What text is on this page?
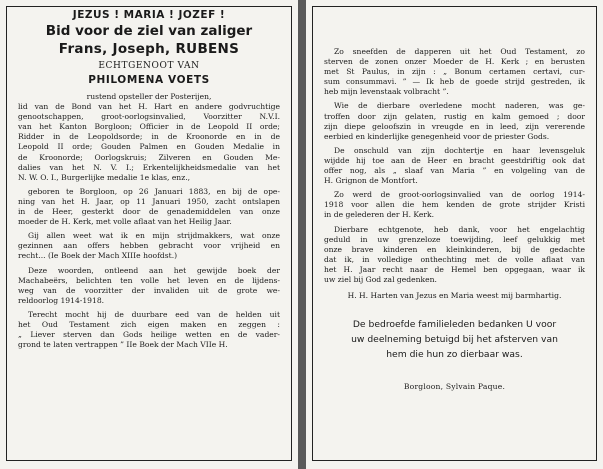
JEZUS ! MARIA ! JOZEF !
Bid voor de ziel van zaliger
Frans, Joseph, RUBENS
ECHTGENOOT VAN
PHILOMENA VOETS
rustend opsteller der Posterijen,
lid van de Bond van het H. Hart en andere godvruchtige
genootschappen, groot-oorlogsinvalied, Voorzitter N.V.I.
van het Kanton Borgloon; Officier in de Leopold II orde;
Ridder in de Leopoldsorde; in de Kroonorde en in de
Leopold II orde; Gouden Palmen en Gouden Medalie in
de Kroonorde; Oorlogskruis; Zilveren en Gouden Me-
dalies van het N. V. I.; Erkentelijkheidsmedalie van het
N. W. O. I., Burgerlijke medalie 1e klas, enz.,
geboren te Borgloon, op 26 Januari 1883, en bij de ope-
ning van het H. Jaar, op 11 Januari 1950, zacht ontslapen
in de Heer, gesterkt door de genademiddelen van onze
moeder de H. Kerk, met volle aflaat van het Heilig Jaar.
Gij allen weet wat ik en mijn strijdmakkers, wat onze
gezinnen aan offers hebben gebracht voor vrijheid en
recht... (Ie Boek der Mach XIIIe hoofdst.)
Deze woorden, ontleend aan het gewijde boek der
Machabeërs, belichten ten volle het leven en de lijdens-
weg van de voorzitter der invaliden uit de grote we-
reldoorlog 1914-1918.
Terecht mocht hij de duurbare eed van de helden uit
het Oud Testament zich eigen maken en zeggen :
„ Liever sterven dan Gods heilige wetten en de vader-
grond te laten vertrappen ” IIe Boek der Mach VIIe H.
Zo sneefden de dapperen uit het Oud Testament, zo
sterven de zonen onzer Moeder de H. Kerk ; en berusten
met St Paulus, in zijn : „ Bonum certamen certavi, cur-
sum consummavi. ” — Ik heb de goede strijd gestreden, ik
heb mijn levenstaak volbracht ”.
Wie de dierbare overledene mocht naderen, was ge-
troffen door zijn gelaten, rustig en kalm gemoed ; door
zijn diepe geloofszin in vreugde en in leed, zijn vererende
eerbied en kinderlijke genegenheid voor de priester Gods.
De onschuld van zijn dochtertje en haar levensgeluk
wijdde hij toe aan de Heer en bracht geestdriftig ook dat
offer nog, als „ slaaf van Maria ” en volgeling van de
H. Grignon de Montfort.
Zo werd de groot-oorlogsinvalied van de oorlog 1914-
1918 voor allen die hem kenden de grote strijder Kristi
in de gelederen der H. Kerk.
Dierbare echtgenote, heb dank, voor het engelachtig
geduld in uw grenzeloze toewijding, leef gelukkig met
onze brave kinderen en kleinkinderen, bij de gedachte
dat ik, in volledige onthechting met de volle aflaat van
het H. Jaar recht naar de Hemel ben opgegaan, waar ik
uw ziel bij God zal gedenken.
H. H. Harten van Jezus en Maria weest mij barmhartig.
De bedroefde familieleden bedanken U voor
uw deelneming betuigd bij het afsterven van
hem die hun zo dierbaar was.
Borgloon, Sylvain Paque.
